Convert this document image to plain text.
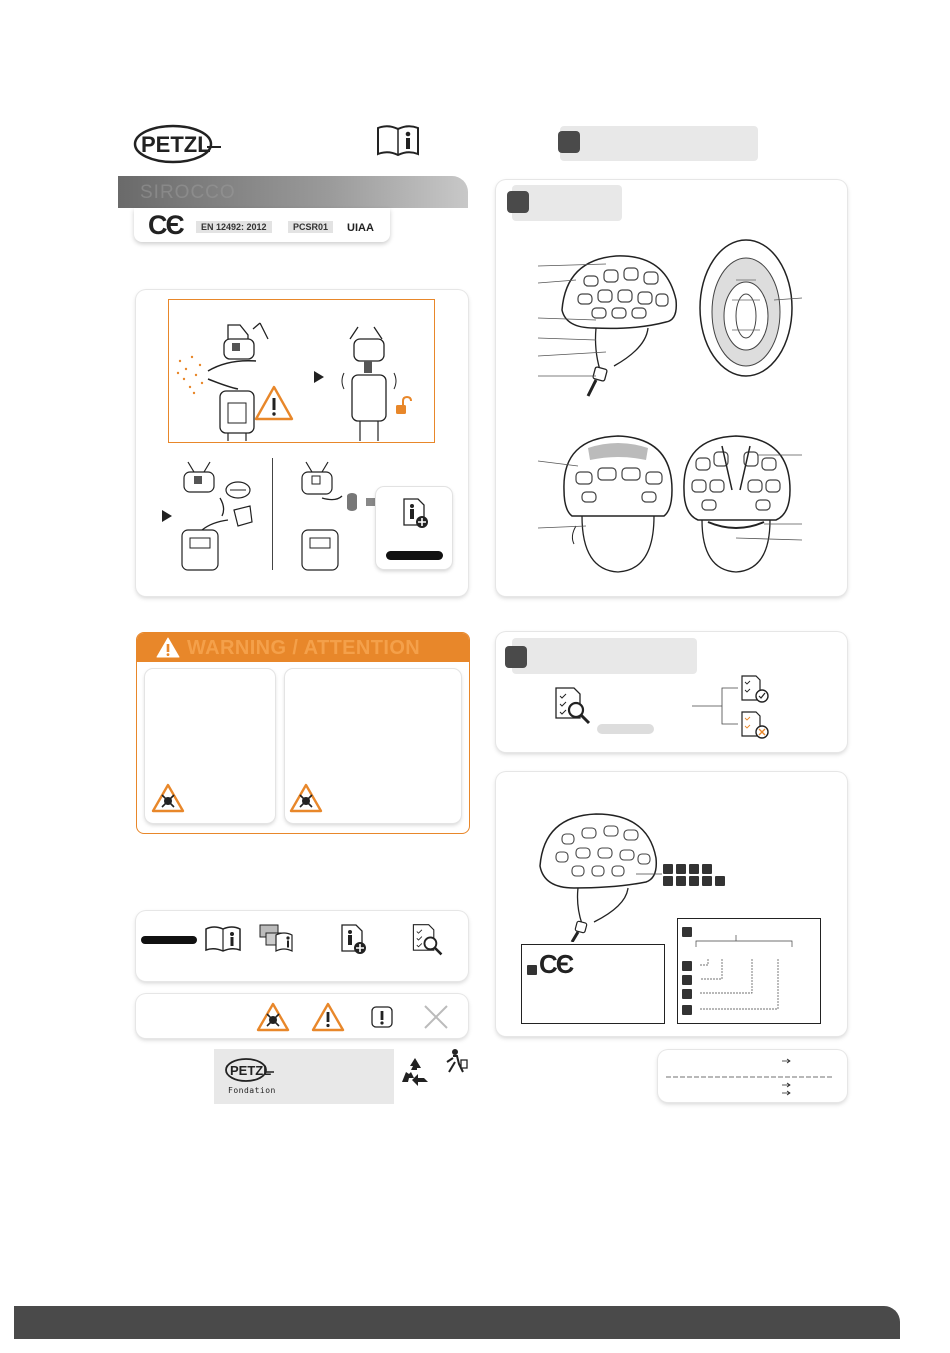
PETZL
SIROCCO
CЄ	EN 12492: 2012	PCSR01	UIAA
WARNING / ATTENTION

CЄ
PETZL
Fondation
